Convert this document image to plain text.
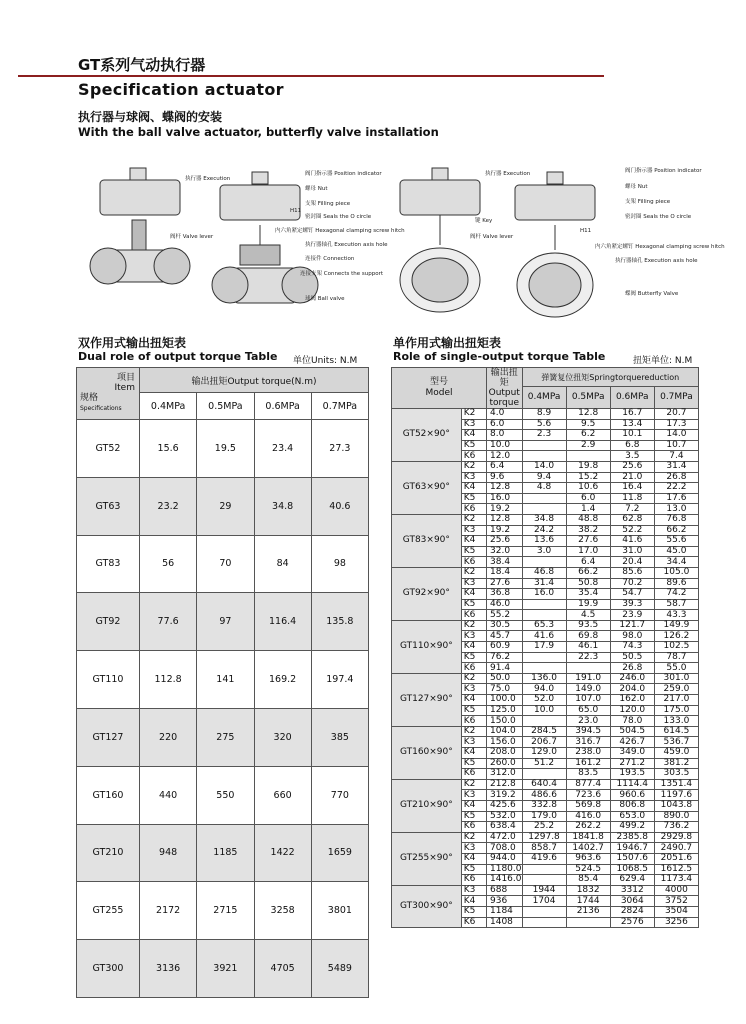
GT系列气动执行器
Specification actuator
执行器与球阀、蝶阀的安装
With the ball valve actuator, butterfly valve installation
执行器 Execution
阀门指示器 Position indicator
螺母 Nut
支架 Filling piece
密封圈 Seals the O circle
内六角紧定螺钉 Hexagonal clamping screw hitch
执行器轴孔 Execution axis hole
连接件 Connection
连接支架 Connects the support
阀杆 Valve lever
球阀 Ball valve
H11
执行器 Execution	阀门指示器 Position indicator
螺母 Nut
支架 Filling piece
密封圈 Seals the O circle
键 Key
内六角紧定螺钉 Hexagonal clamping screw hitch
执行器轴孔 Execution axis hole
蝶阀 Butterfly Valve
阀杆 Valve lever
H11
双作用式输出扭矩表
Dual role of output torque Table 单位Units: N.M
单作用式输出扭矩表
Role of single-output torque Table	扭矩单位: N.M
项目
Item
规格
Specifications	输出扭矩Output torque(N.m)			
	0.4MPa	0.5MPa	0.6MPa	0.7MPa
GT52	15.6	19.5	23.4	27.3
GT63	23.2	29	34.8	40.6
GT83	56	70	84	98
GT92	77.6	97	116.4	135.8
GT110	112.8	141	169.2	197.4
GT127	220	275	320	385
GT160	440	550	660	770
GT210	948	1185	1422	1659
GT255	2172	2715	3258	3801
GT300	3136	3921	4705	5489
型号
Model		输出扭矩 Output torque	弹簧复位扭矩Springtorquereduction			
			0.4MPa	0.5MPa	0.6MPa	0.7MPa
GT52×90°	K2	4.0	8.9	12.8	16.7	20.7
	K3	6.0	5.6	9.5	13.4	17.3
	K4	8.0	2.3	6.2	10.1	14.0
	K5	10.0		2.9	6.8	10.7
	K6	12.0			3.5	7.4
GT63×90°	K2	6.4	14.0	19.8	25.6	31.4
	K3	9.6	9.4	15.2	21.0	26.8
	K4	12.8	4.8	10.6	16.4	22.2
	K5	16.0		6.0	11.8	17.6
	K6	19.2		1.4	7.2	13.0
GT83×90°	K2	12.8	34.8	48.8	62.8	76.8
	K3	19.2	24.2	38.2	52.2	66.2
	K4	25.6	13.6	27.6	41.6	55.6
	K5	32.0	3.0	17.0	31.0	45.0
	K6	38.4		6.4	20.4	34.4
GT92×90°	K2	18.4	46.8	66.2	85.6	105.0
	K3	27.6	31.4	50.8	70.2	89.6
	K4	36.8	16.0	35.4	54.7	74.2
	K5	46.0		19.9	39.3	58.7
	K6	55.2		4.5	23.9	43.3
GT110×90°	K2	30.5	65.3	93.5	121.7	149.9
	K3	45.7	41.6	69.8	98.0	126.2
	K4	60.9	17.9	46.1	74.3	102.5
	K5	76.2		22.3	50.5	78.7
	K6	91.4			26.8	55.0
GT127×90°	K2	50.0	136.0	191.0	246.0	301.0
	K3	75.0	94.0	149.0	204.0	259.0
	K4	100.0	52.0	107.0	162.0	217.0
	K5	125.0	10.0	65.0	120.0	175.0
	K6	150.0		23.0	78.0	133.0
GT160×90°	K2	104.0	284.5	394.5	504.5	614.5
	K3	156.0	206.7	316.7	426.7	536.7
	K4	208.0	129.0	238.0	349.0	459.0
	K5	260.0	51.2	161.2	271.2	381.2
	K6	312.0		83.5	193.5	303.5
GT210×90°	K2	212.8	640.4	877.4	1114.4	1351.4
	K3	319.2	486.6	723.6	960.6	1197.6
	K4	425.6	332.8	569.8	806.8	1043.8
	K5	532.0	179.0	416.0	653.0	890.0
	K6	638.4	25.2	262.2	499.2	736.2
GT255×90°	K2	472.0	1297.8	1841.8	2385.8	2929.8
	K3	708.0	858.7	1402.7	1946.7	2490.7
	K4	944.0	419.6	963.6	1507.6	2051.6
	K5	1180.0		524.5	1068.5	1612.5
	K6	1416.0		85.4	629.4	1173.4
GT300×90°	K3	688	1944	1832	3312	4000
	K4	936	1704	1744	3064	3752
	K5	1184		2136	2824	3504
	K6	1408			2576	3256
